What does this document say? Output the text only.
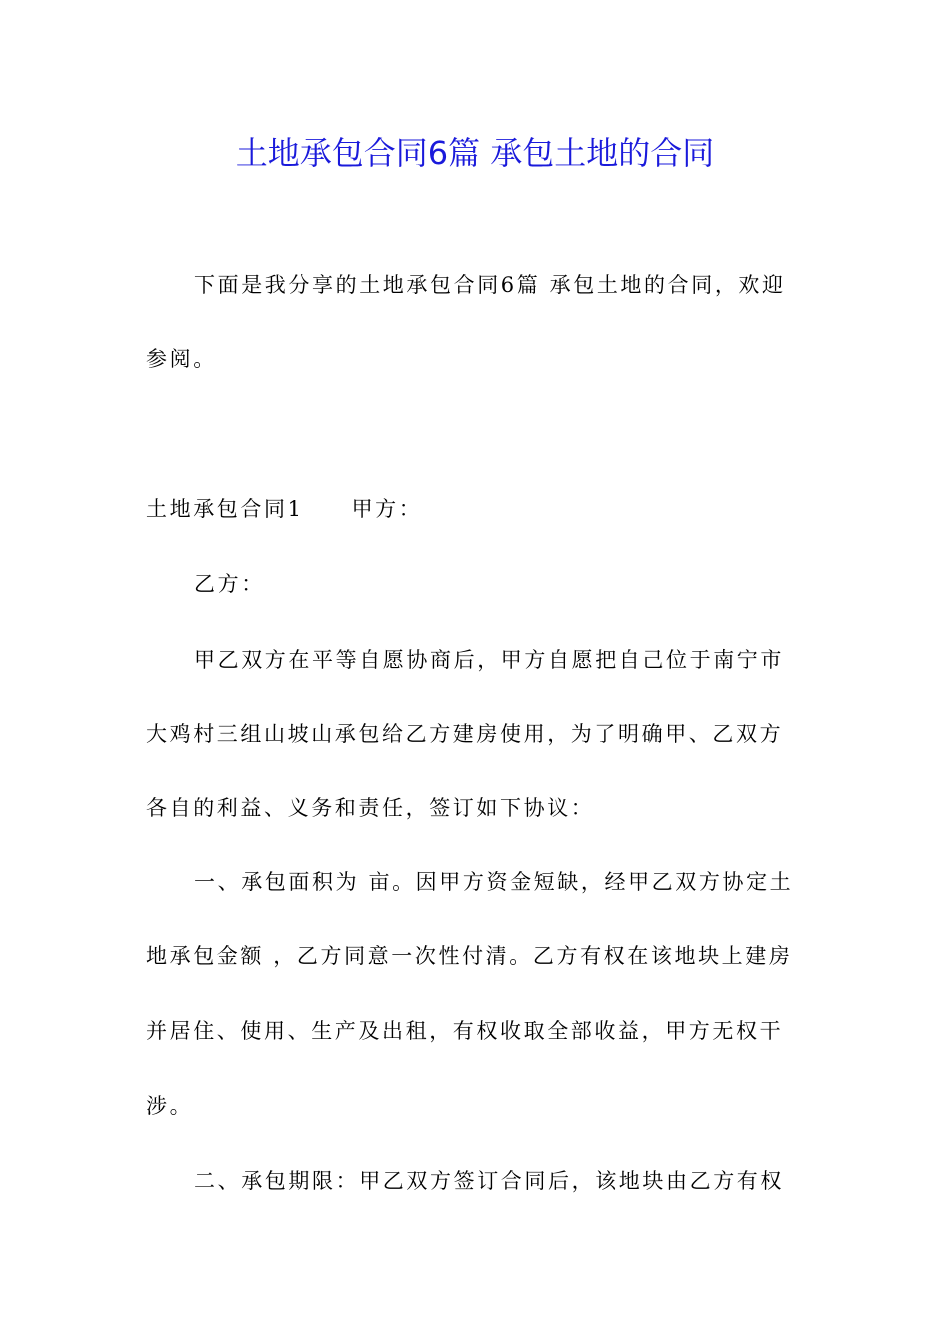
土地承包合同6篇 承包土地的合同

下面是我分享的土地承包合同6篇 承包土地的合同，欢迎

参阅。

土地承包合同1 甲方：

乙方：

甲乙双方在平等自愿协商后，甲方自愿把自己位于南宁市

大鸡村三组山坡山承包给乙方建房使用，为了明确甲、乙双方

各自的利益、义务和责任，签订如下协议：

一、承包面积为 亩。因甲方资金短缺，经甲乙双方协定土

地承包金额 ，乙方同意一次性付清。乙方有权在该地块上建房

并居住、使用、生产及出租，有权收取全部收益，甲方无权干

涉。

二、承包期限：甲乙双方签订合同后，该地块由乙方有权
